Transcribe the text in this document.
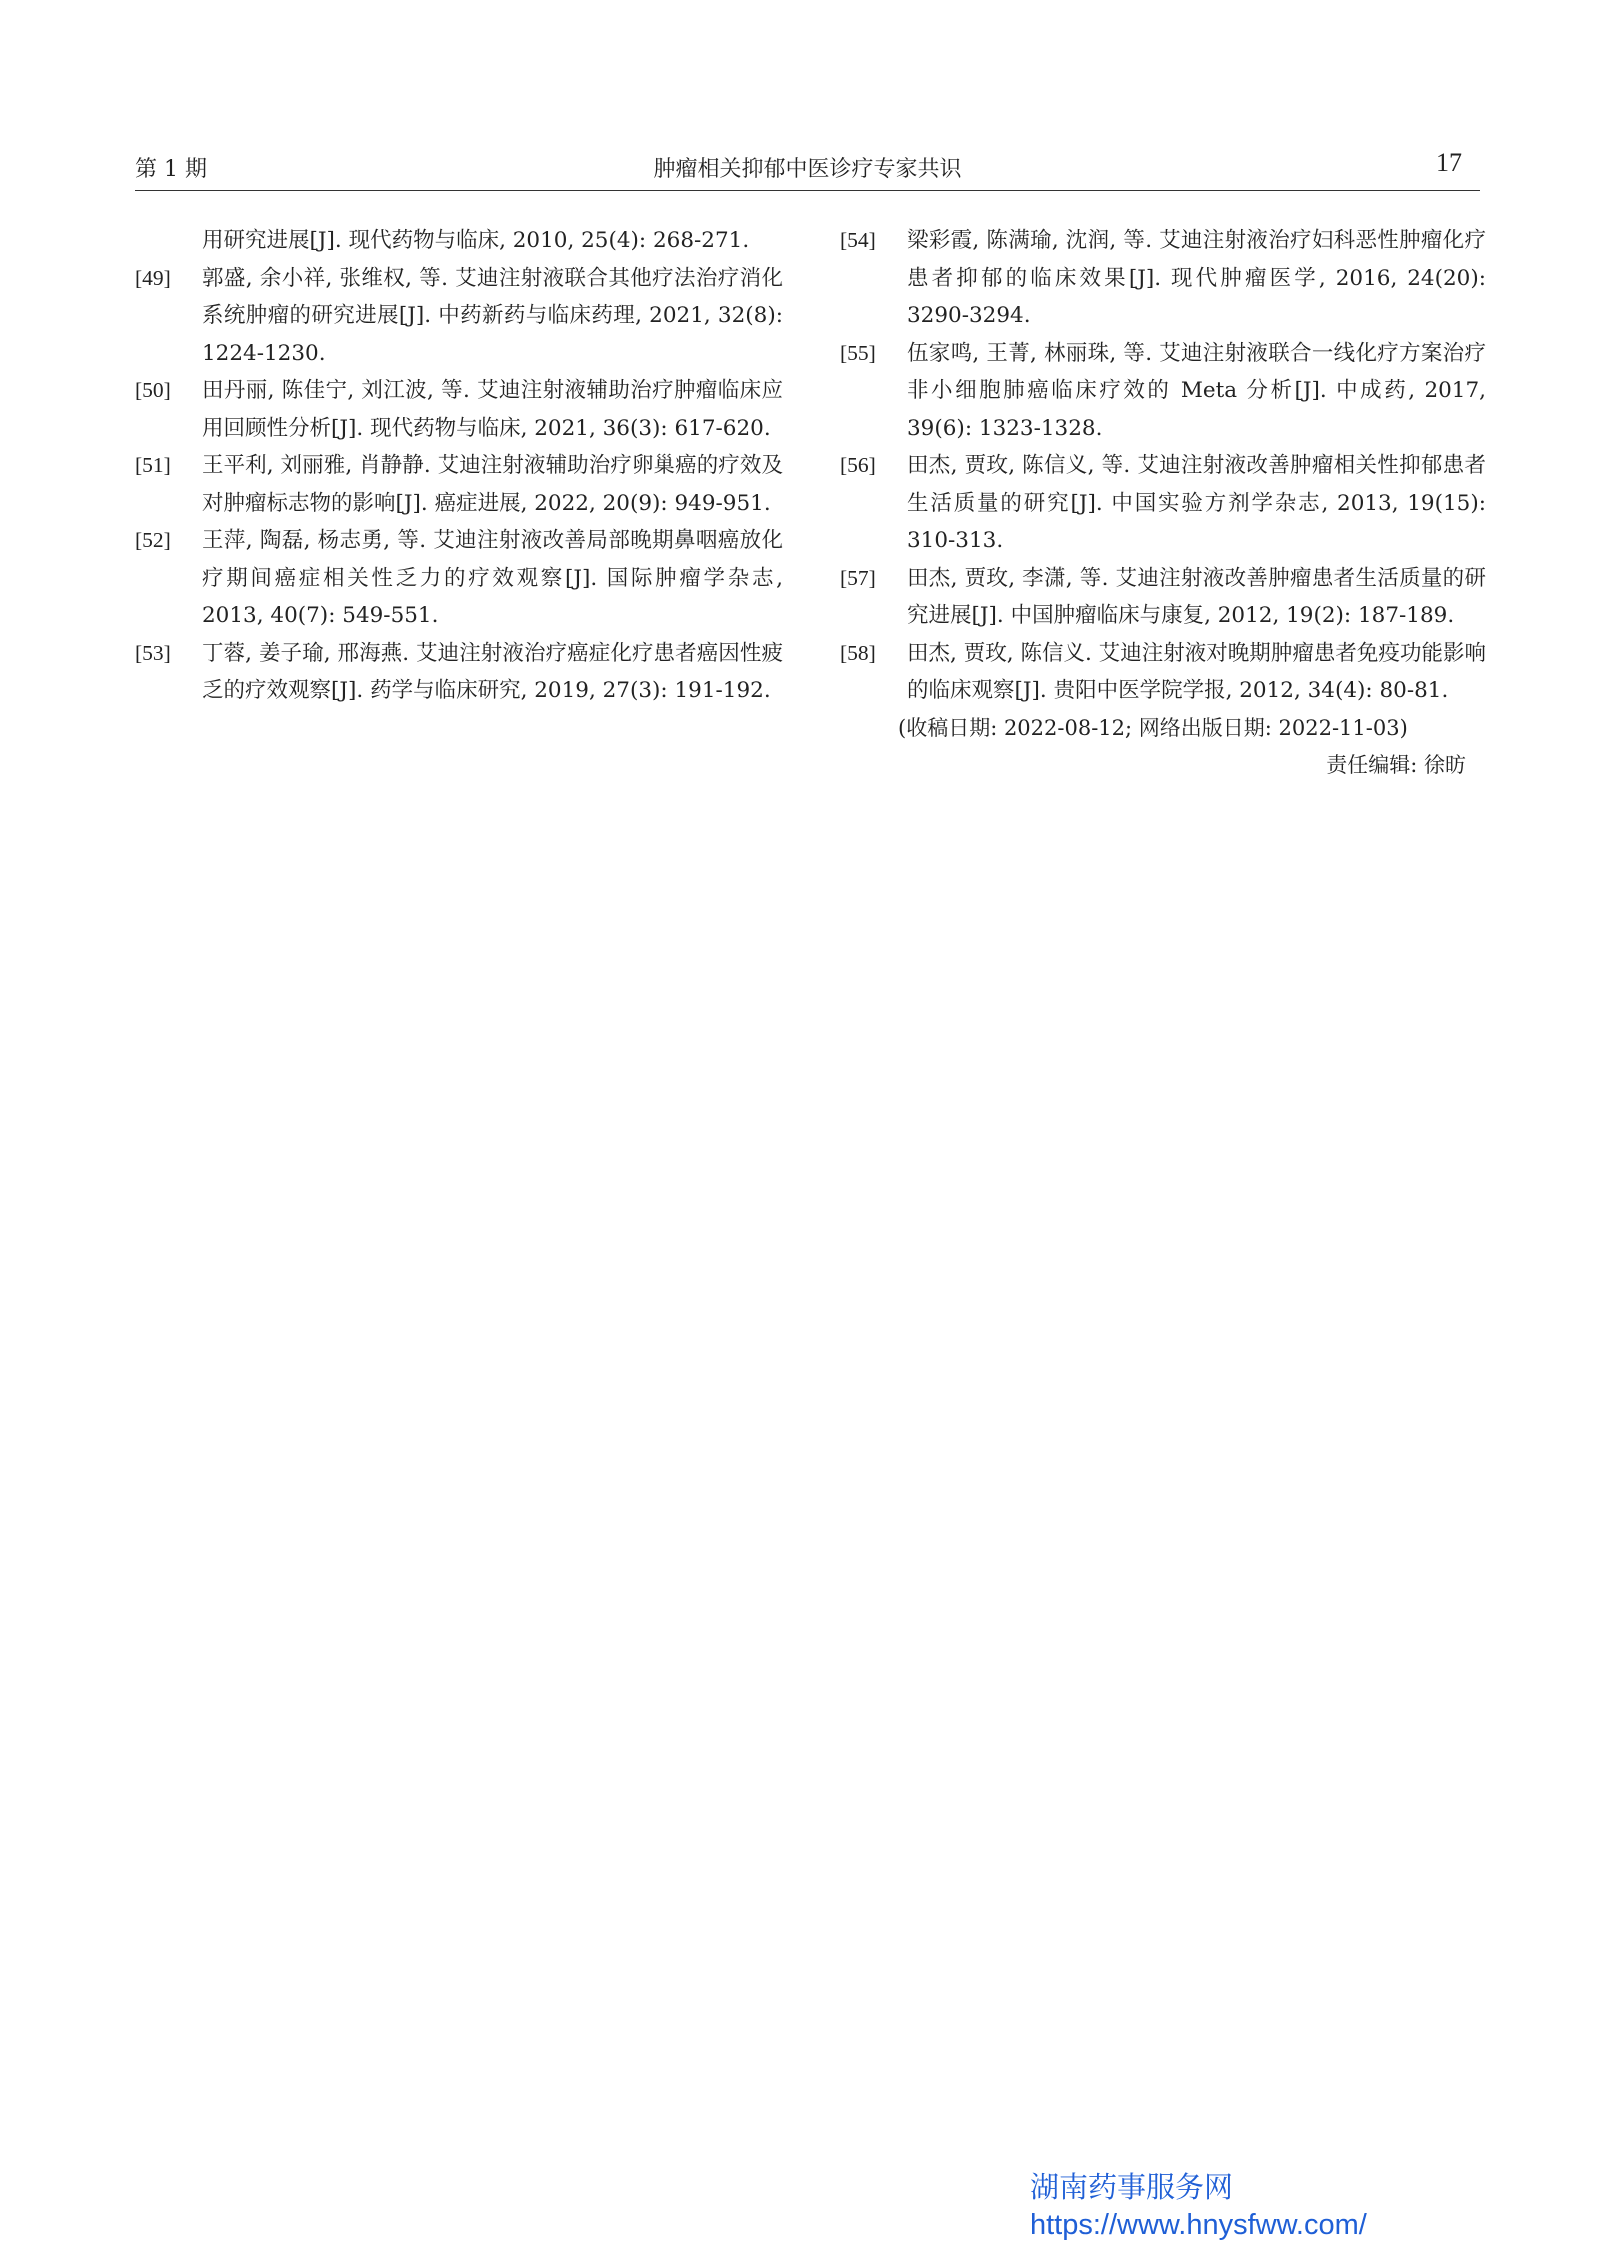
第 1 期	肿瘤相关抑郁中医诊疗专家共识	17
用研究进展[J]. 现代药物与临床, 2010, 25(4): 268-271.
[49] 郭盛, 余小祥, 张维权, 等. 艾迪注射液联合其他疗法治疗消化系统肿瘤的研究进展[J]. 中药新药与临床药理, 2021, 32(8): 1224-1230.
[50] 田丹丽, 陈佳宁, 刘江波, 等. 艾迪注射液辅助治疗肿瘤临床应用回顾性分析[J]. 现代药物与临床, 2021, 36(3): 617-620.
[51] 王平利, 刘丽雅, 肖静静. 艾迪注射液辅助治疗卵巢癌的疗效及对肿瘤标志物的影响[J]. 癌症进展, 2022, 20(9): 949-951.
[52] 王萍, 陶磊, 杨志勇, 等. 艾迪注射液改善局部晚期鼻咽癌放化疗期间癌症相关性乏力的疗效观察[J]. 国际肿瘤学杂志, 2013, 40(7): 549-551.
[53] 丁蓉, 姜子瑜, 邢海燕. 艾迪注射液治疗癌症化疗患者癌因性疲乏的疗效观察[J]. 药学与临床研究, 2019, 27(3): 191-192.
[54] 梁彩霞, 陈满瑜, 沈润, 等. 艾迪注射液治疗妇科恶性肿瘤化疗患者抑郁的临床效果[J]. 现代肿瘤医学, 2016, 24(20): 3290-3294.
[55] 伍家鸣, 王菁, 林丽珠, 等. 艾迪注射液联合一线化疗方案治疗非小细胞肺癌临床疗效的 Meta 分析[J]. 中成药, 2017, 39(6): 1323-1328.
[56] 田杰, 贾玫, 陈信义, 等. 艾迪注射液改善肿瘤相关性抑郁患者生活质量的研究[J]. 中国实验方剂学杂志, 2013, 19(15): 310-313.
[57] 田杰, 贾玫, 李潇, 等. 艾迪注射液改善肿瘤患者生活质量的研究进展[J]. 中国肿瘤临床与康复, 2012, 19(2): 187-189.
[58] 田杰, 贾玫, 陈信义. 艾迪注射液对晚期肿瘤患者免疫功能影响的临床观察[J]. 贵阳中医学院学报, 2012, 34(4): 80-81.
(收稿日期: 2022-08-12; 网络出版日期: 2022-11-03)
责任编辑: 徐昉
湖南药事服务网
https://www.hnysfww.com/
